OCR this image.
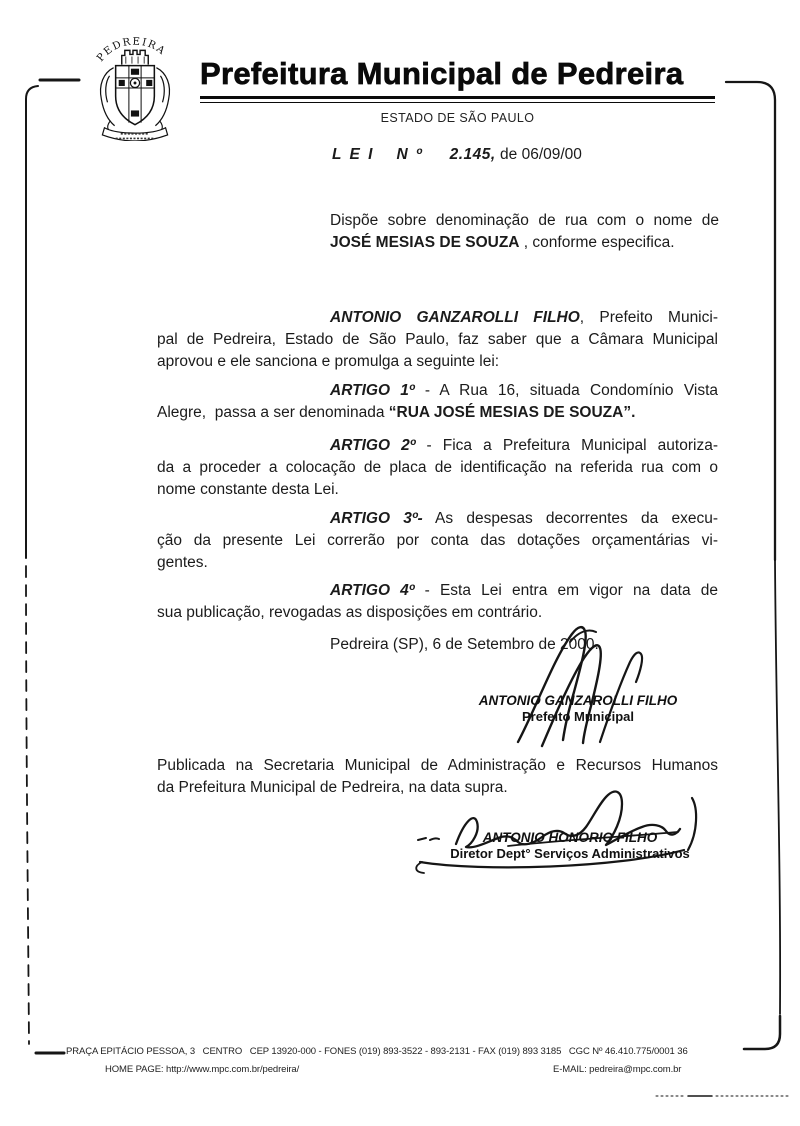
PEDREIRA
Prefeitura Municipal de Pedreira
ESTADO DE SÃO PAULO
L E I N º 2.145, de 06/09/00
Dispõe sobre denominação de rua com o nome de
JOSÉ MESIAS DE SOUZA , conforme especifica.
ANTONIO GANZAROLLI FILHO, Prefeito Munici-
pal de Pedreira, Estado de São Paulo, faz saber que a Câmara Municipal
aprovou e ele sanciona e promulga a seguinte lei:
ARTIGO 1º - A Rua 16, situada Condomínio Vista
Alegre,  passa a ser denominada “RUA JOSÉ MESIAS DE SOUZA”.
ARTIGO 2º - Fica a Prefeitura Municipal autoriza-
da a proceder a colocação de placa de identificação na referida rua com o
nome constante desta Lei.
ARTIGO 3º- As despesas decorrentes da execu-
ção da presente Lei correrão por conta das dotações orçamentárias vi-
gentes.
ARTIGO 4º - Esta Lei entra em vigor na data de
sua publicação, revogadas as disposições em contrário.
Pedreira (SP), 6 de Setembro de 2000.
ANTONIO GANZAROLLI FILHO
Prefeito Municipal
Publicada na Secretaria Municipal de Administração e Recursos Humanos
da Prefeitura Municipal de Pedreira, na data supra.
ANTONIO HONORIO FILHO
Diretor Dept° Serviços Administrativos
PRAÇA EPITÁCIO PESSOA, 3   CENTRO   CEP 13920-000 - FONES (019) 893-3522 - 893-2131 - FAX (019) 893 3185   CGC Nº 46.410.775/0001 36
HOME PAGE: http://www.mpc.com.br/pedreira/	E-MAIL: pedreira@mpc.com.br
